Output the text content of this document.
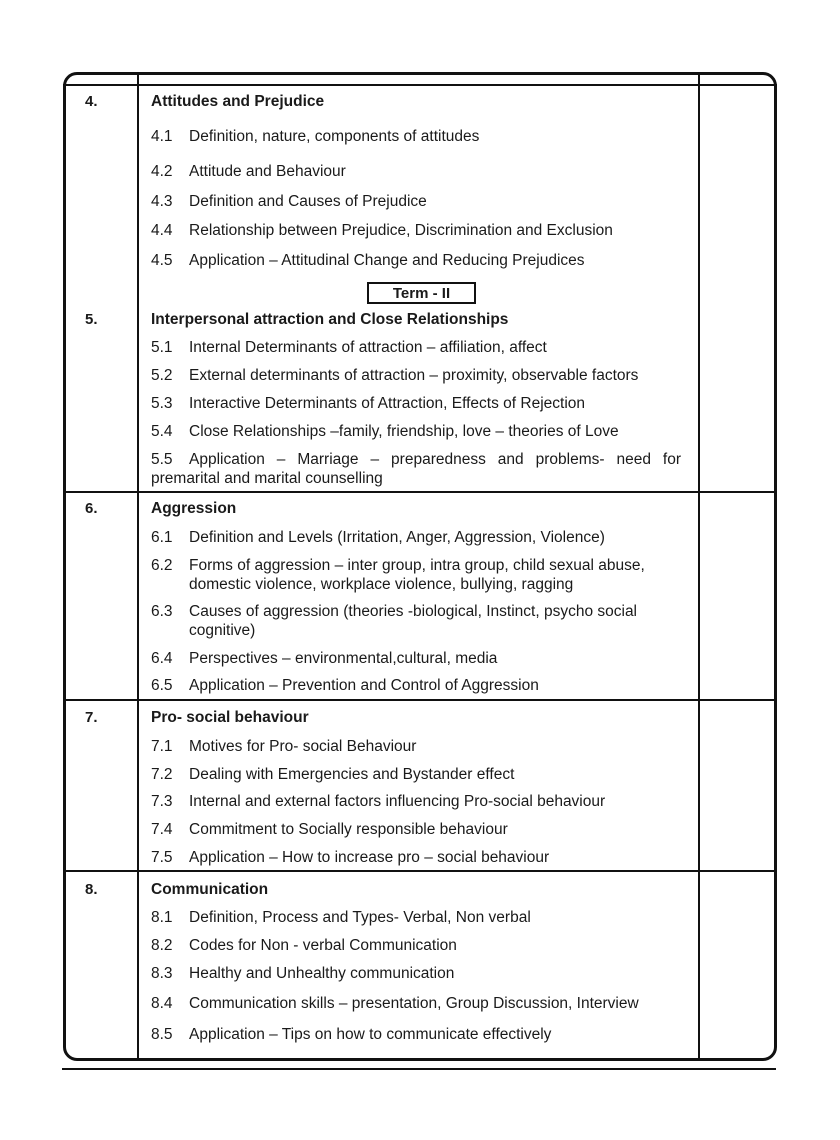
4.	Attitudes and Prejudice
4.1 Definition, nature, components of attitudes
4.2 Attitude and Behaviour
4.3 Definition and Causes of Prejudice
4.4 Relationship between Prejudice, Discrimination and Exclusion
4.5 Application – Attitudinal Change and Reducing Prejudices
Term - II
5.	Interpersonal attraction and Close Relationships
5.1 Internal Determinants of attraction – affiliation, affect
5.2 External determinants of attraction – proximity, observable factors
5.3 Interactive Determinants of Attraction, Effects of Rejection
5.4 Close Relationships –family, friendship, love – theories of Love
5.5 Application – Marriage – preparedness and problems- need for
premarital and marital counselling
6.	Aggression
6.1 Definition and Levels (Irritation, Anger, Aggression, Violence)
6.2 Forms of aggression – inter group, intra group, child sexual abuse,
domestic violence, workplace violence, bullying, ragging
6.3 Causes of aggression (theories -biological, Instinct, psycho social
cognitive)
6.4 Perspectives – environmental,cultural, media
6.5 Application – Prevention and Control of Aggression
7.	Pro- social behaviour
7.1 Motives for Pro- social Behaviour
7.2 Dealing with Emergencies and Bystander effect
7.3 Internal and external factors influencing Pro-social behaviour
7.4 Commitment to Socially responsible behaviour
7.5 Application – How to increase pro – social behaviour
8.	Communication
8.1 Definition, Process and Types- Verbal, Non verbal
8.2 Codes for Non - verbal Communication
8.3 Healthy and Unhealthy communication
8.4 Communication skills – presentation, Group Discussion, Interview
8.5 Application – Tips on how to communicate effectively
